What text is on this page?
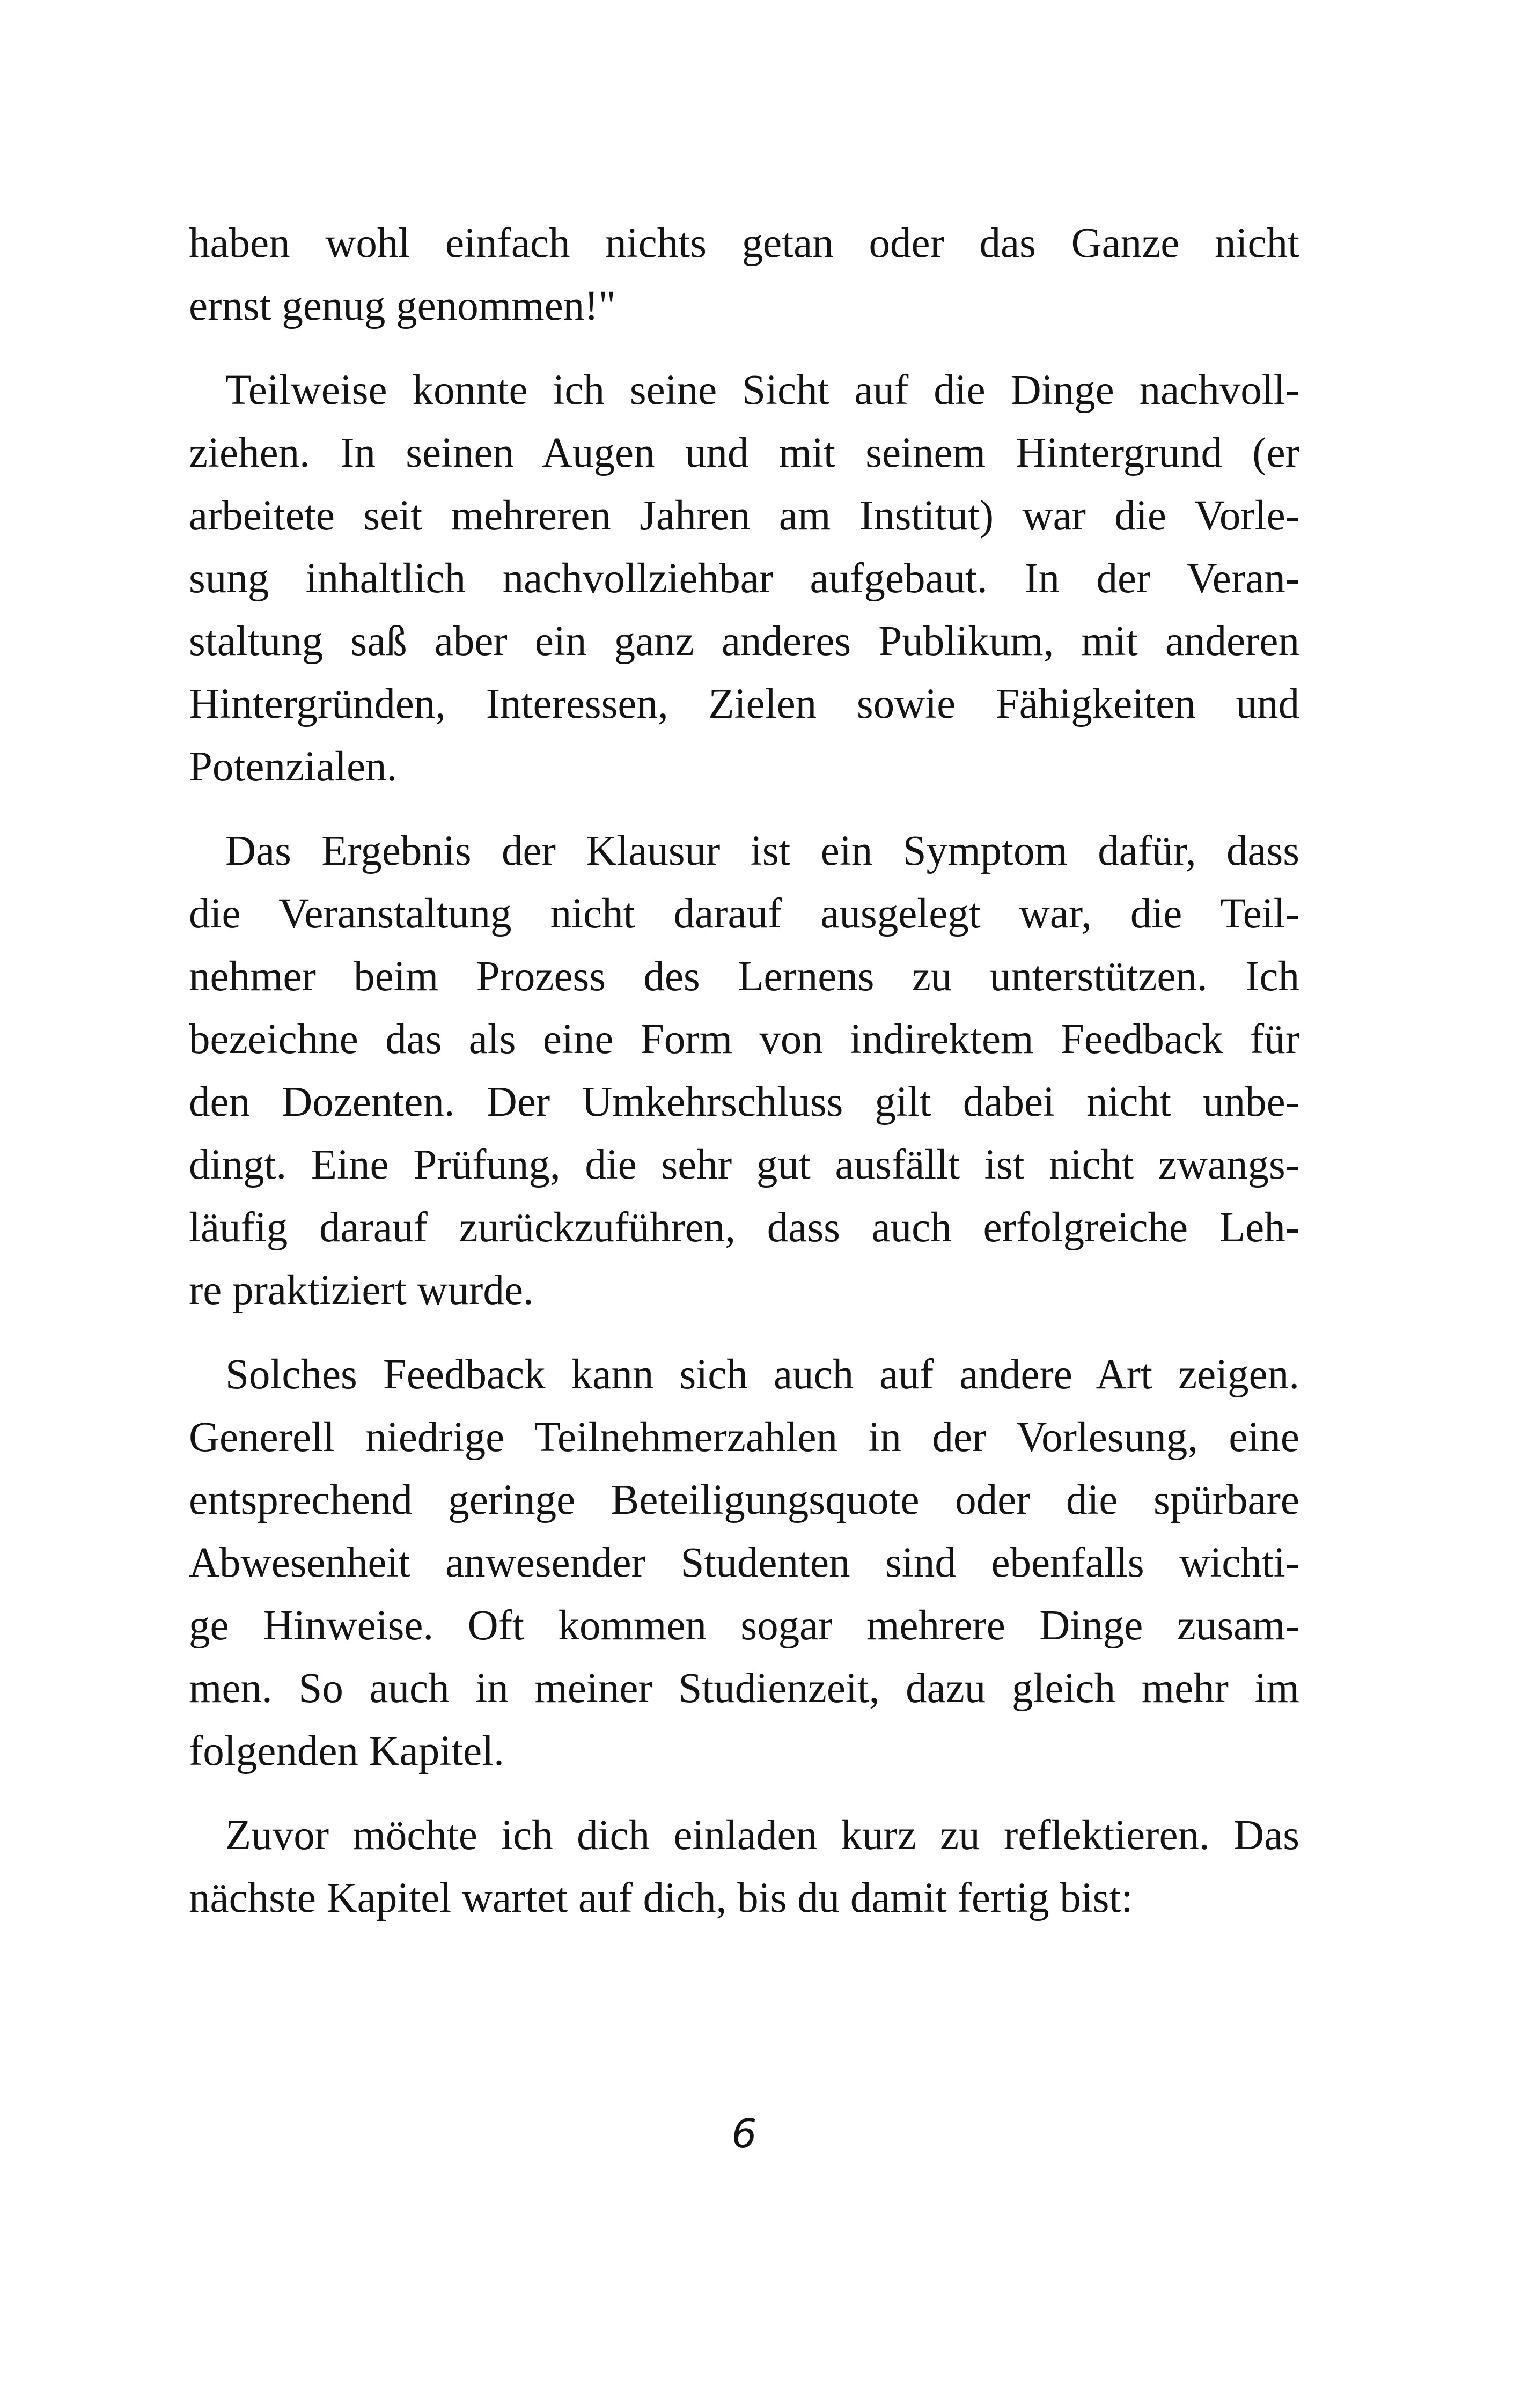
haben wohl einfach nichts getan oder das Ganze nicht
ernst genug genommen!"
Teilweise konnte ich seine Sicht auf die Dinge nachvoll-
ziehen. In seinen Augen und mit seinem Hintergrund (er
arbeitete seit mehreren Jahren am Institut) war die Vorle-
sung inhaltlich nachvollziehbar aufgebaut. In der Veran-
staltung saß aber ein ganz anderes Publikum, mit anderen
Hintergründen, Interessen, Zielen sowie Fähigkeiten und
Potenzialen.
Das Ergebnis der Klausur ist ein Symptom dafür, dass
die Veranstaltung nicht darauf ausgelegt war, die Teil-
nehmer beim Prozess des Lernens zu unterstützen. Ich
bezeichne das als eine Form von indirektem Feedback für
den Dozenten. Der Umkehrschluss gilt dabei nicht unbe-
dingt. Eine Prüfung, die sehr gut ausfällt ist nicht zwangs-
läufig darauf zurückzuführen, dass auch erfolgreiche Leh-
re praktiziert wurde.
Solches Feedback kann sich auch auf andere Art zeigen.
Generell niedrige Teilnehmerzahlen in der Vorlesung, eine
entsprechend geringe Beteiligungsquote oder die spürbare
Abwesenheit anwesender Studenten sind ebenfalls wichti-
ge Hinweise. Oft kommen sogar mehrere Dinge zusam-
men. So auch in meiner Studienzeit, dazu gleich mehr im
folgenden Kapitel.
Zuvor möchte ich dich einladen kurz zu reflektieren. Das
nächste Kapitel wartet auf dich, bis du damit fertig bist:
6
